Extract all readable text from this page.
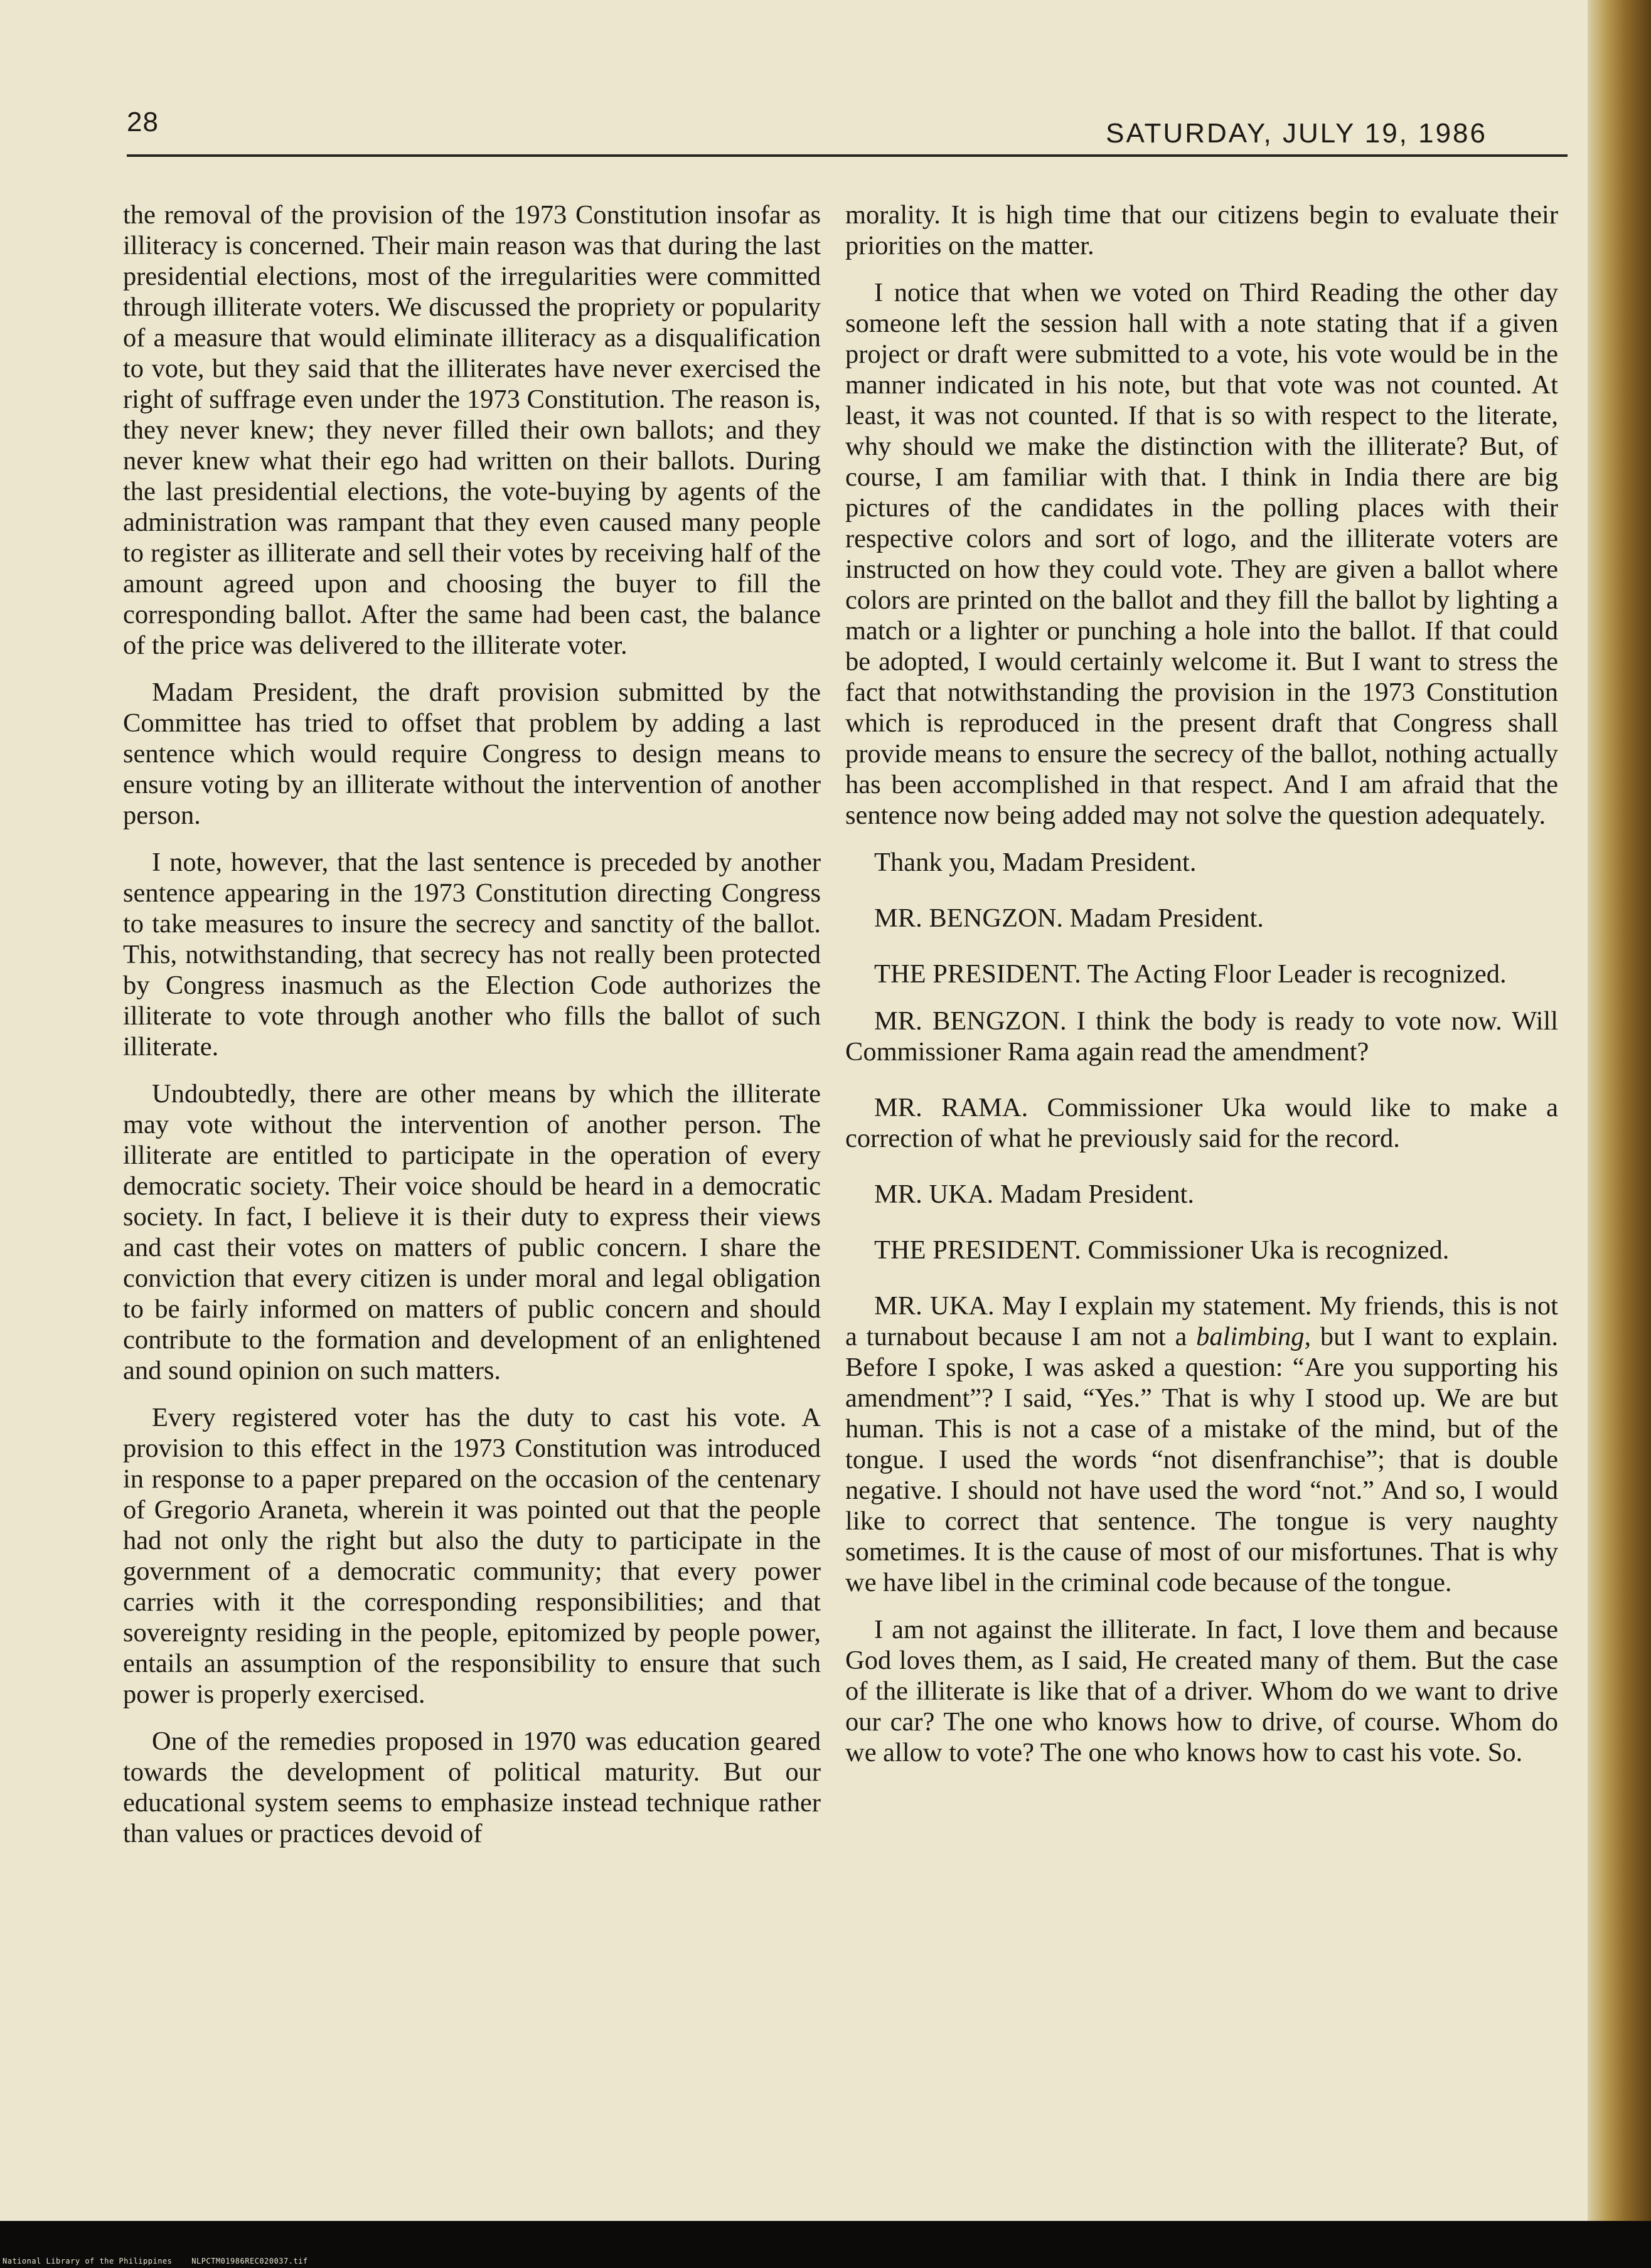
28	SATURDAY, JULY 19, 1986

the removal of the provision of the 1973 Constitution insofar as illiteracy is concerned. Their main reason was that during the last presidential elections, most of the irregularities were committed through illiterate voters. We discussed the propriety or popularity of a measure that would eliminate illiteracy as a disqualification to vote, but they said that the illiterates have never exercised the right of suffrage even under the 1973 Constitution. The reason is, they never knew; they never filled their own ballots; and they never knew what their ego had written on their ballots. During the last presidential elections, the vote-buying by agents of the administration was rampant that they even caused many people to register as illiterate and sell their votes by receiving half of the amount agreed upon and choosing the buyer to fill the corresponding ballot. After the same had been cast, the balance of the price was delivered to the illiterate voter.

Madam President, the draft provision submitted by the Committee has tried to offset that problem by adding a last sentence which would require Congress to design means to ensure voting by an illiterate without the intervention of another person.

I note, however, that the last sentence is preceded by another sentence appearing in the 1973 Constitution directing Congress to take measures to insure the secrecy and sanctity of the ballot. This, notwithstanding, that secrecy has not really been protected by Congress inasmuch as the Election Code authorizes the illiterate to vote through another who fills the ballot of such illiterate.

Undoubtedly, there are other means by which the illiterate may vote without the intervention of another person. The illiterate are entitled to participate in the operation of every democratic society. Their voice should be heard in a democratic society. In fact, I believe it is their duty to express their views and cast their votes on matters of public concern. I share the conviction that every citizen is under moral and legal obligation to be fairly informed on matters of public concern and should contribute to the formation and development of an enlightened and sound opinion on such matters.

Every registered voter has the duty to cast his vote. A provision to this effect in the 1973 Constitution was introduced in response to a paper prepared on the occasion of the centenary of Gregorio Araneta, wherein it was pointed out that the people had not only the right but also the duty to participate in the government of a democratic community; that every power carries with it the corresponding responsibilities; and that sovereignty residing in the people, epitomized by people power, entails an assumption of the responsibility to ensure that such power is properly exercised.

One of the remedies proposed in 1970 was education geared towards the development of political maturity. But our educational system seems to emphasize instead technique rather than values or practices devoid of

morality. It is high time that our citizens begin to evaluate their priorities on the matter.

I notice that when we voted on Third Reading the other day someone left the session hall with a note stating that if a given project or draft were submitted to a vote, his vote would be in the manner indicated in his note, but that vote was not counted. At least, it was not counted. If that is so with respect to the literate, why should we make the distinction with the illiterate? But, of course, I am familiar with that. I think in India there are big pictures of the candidates in the polling places with their respective colors and sort of logo, and the illiterate voters are instructed on how they could vote. They are given a ballot where colors are printed on the ballot and they fill the ballot by lighting a match or a lighter or punching a hole into the ballot. If that could be adopted, I would certainly welcome it. But I want to stress the fact that notwithstanding the provision in the 1973 Constitution which is reproduced in the present draft that Congress shall provide means to ensure the secrecy of the ballot, nothing actually has been accomplished in that respect. And I am afraid that the sentence now being added may not solve the question adequately.

Thank you, Madam President.

MR. BENGZON. Madam President.

THE PRESIDENT. The Acting Floor Leader is recognized.

MR. BENGZON. I think the body is ready to vote now. Will Commissioner Rama again read the amendment?

MR. RAMA. Commissioner Uka would like to make a correction of what he previously said for the record.

MR. UKA. Madam President.

THE PRESIDENT. Commissioner Uka is recognized.

MR. UKA. May I explain my statement. My friends, this is not a turnabout because I am not a balimbing, but I want to explain. Before I spoke, I was asked a question: “Are you supporting his amendment”? I said, “Yes.” That is why I stood up. We are but human. This is not a case of a mistake of the mind, but of the tongue. I used the words “not disenfranchise”; that is double negative. I should not have used the word “not.” And so, I would like to correct that sentence. The tongue is very naughty sometimes. It is the cause of most of our misfortunes. That is why we have libel in the criminal code because of the tongue.

I am not against the illiterate. In fact, I love them and because God loves them, as I said, He created many of them. But the case of the illiterate is like that of a driver. Whom do we want to drive our car? The one who knows how to drive, of course. Whom do we allow to vote? The one who knows how to cast his vote. So.

National Library of the Philippines    NLPCTM01986REC020037.tif
